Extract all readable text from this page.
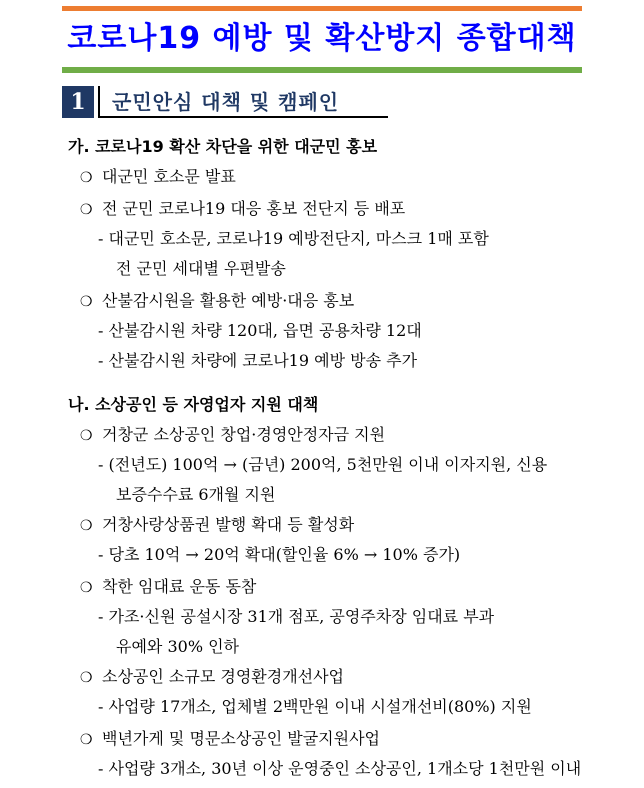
코로나19 예방 및 확산방지 종합대책
1	군민안심 대책 및 캠페인
가. 코로나19 확산 차단을 위한 대군민 홍보
❍ 대군민 호소문 발표
❍ 전 군민 코로나19 대응 홍보 전단지 등 배포
- 대군민 호소문, 코로나19 예방전단지, 마스크 1매 포함
전 군민 세대별 우편발송
❍ 산불감시원을 활용한 예방·대응 홍보
- 산불감시원 차량 120대, 읍면 공용차량 12대
- 산불감시원 차량에 코로나19 예방 방송 추가
나. 소상공인 등 자영업자 지원 대책
❍ 거창군 소상공인 창업·경영안정자금 지원
- (전년도) 100억 → (금년) 200억, 5천만원 이내 이자지원, 신용
보증수수료 6개월 지원
❍ 거창사랑상품권 발행 확대 등 활성화
- 당초 10억 → 20억 확대(할인율 6% → 10% 증가)
❍ 착한 임대료 운동 동참
- 가조·신원 공설시장 31개 점포, 공영주차장 임대료 부과
유예와 30% 인하
❍ 소상공인 소규모 경영환경개선사업
- 사업량 17개소, 업체별 2백만원 이내 시설개선비(80%) 지원
❍ 백년가게 및 명문소상공인 발굴지원사업
- 사업량 3개소, 30년 이상 운영중인 소상공인, 1개소당 1천만원 이내
